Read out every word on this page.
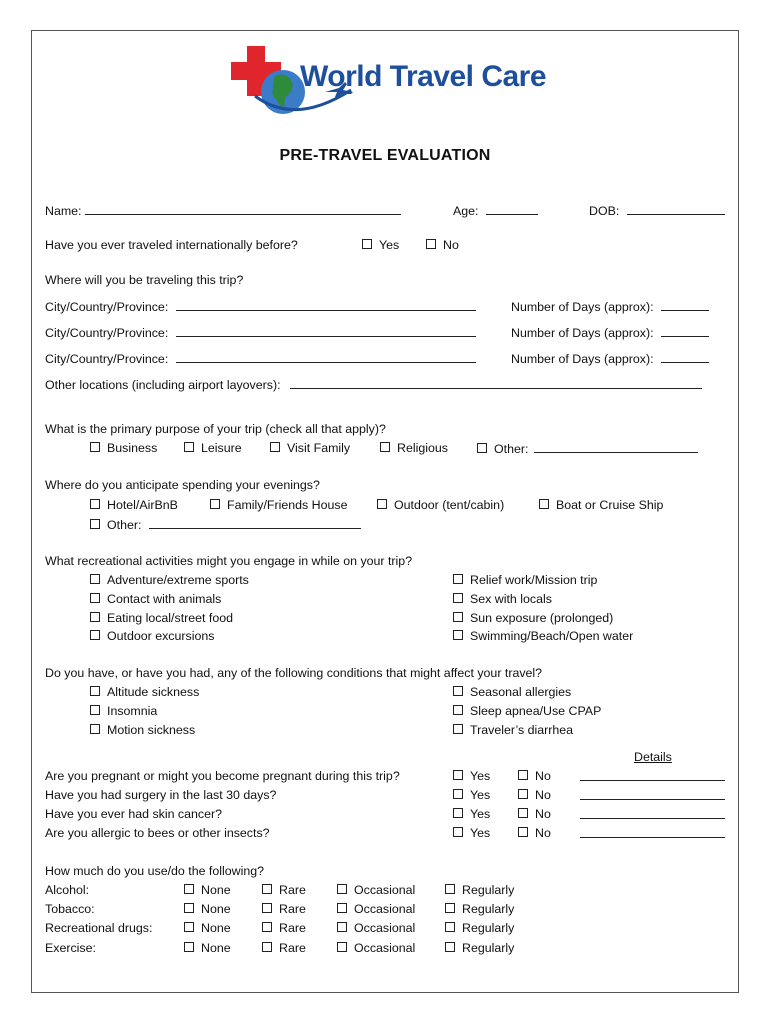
World Travel Care
PRE-TRAVEL EVALUATION
Name:	Age:	DOB:
Have you ever traveled internationally before?	Yes	No
Where will you be traveling this trip?
City/Country/Province:	Number of Days (approx):
City/Country/Province:	Number of Days (approx):
City/Country/Province:	Number of Days (approx):
Other locations (including airport layovers):
What is the primary purpose of your trip (check all that apply)?
Business	Leisure	Visit Family	Religious	Other:
Where do you anticipate spending your evenings?
Hotel/AirBnB	Family/Friends House	Outdoor (tent/cabin)	Boat or Cruise Ship
Other:
What recreational activities might you engage in while on your trip?
Adventure/extreme sports
Contact with animals
Eating local/street food
Outdoor excursions
Relief work/Mission trip
Sex with locals
Sun exposure (prolonged)
Swimming/Beach/Open water
Do you have, or have you had, any of the following conditions that might affect your travel?
Altitude sickness
Insomnia
Motion sickness
Seasonal allergies
Sleep apnea/Use CPAP
Traveler’s diarrhea
Details
Are you pregnant or might you become pregnant during this trip?	Yes	No
Have you had surgery in the last 30 days?	Yes	No
Have you ever had skin cancer?	Yes	No
Are you allergic to bees or other insects?	Yes	No
How much do you use/do the following?
Alcohol:	None	Rare	Occasional	Regularly
Tobacco:	None	Rare	Occasional	Regularly
Recreational drugs:	None	Rare	Occasional	Regularly
Exercise:	None	Rare	Occasional	Regularly
